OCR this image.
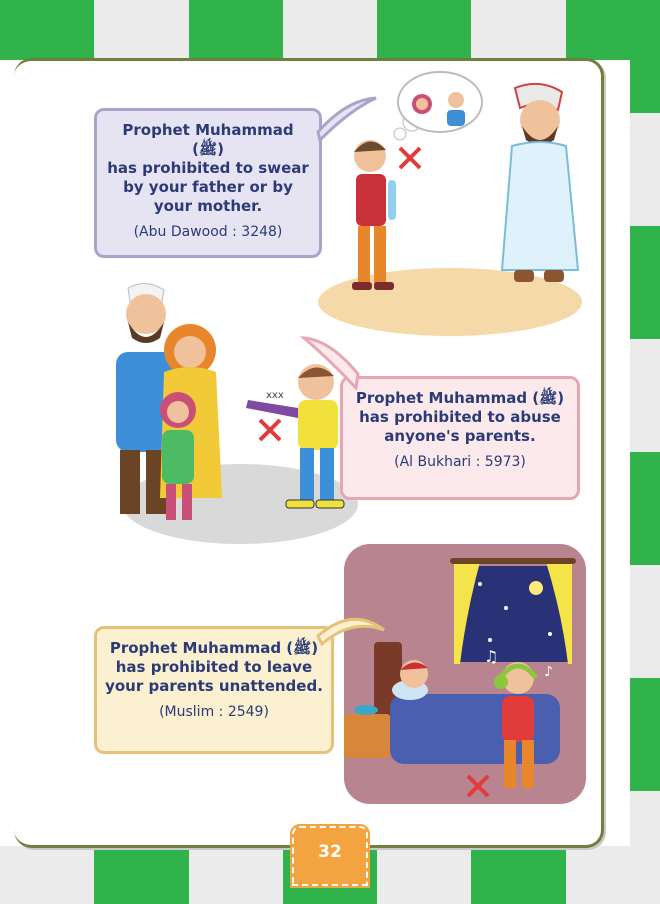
Prophet Muhammad (ﷺ)
has prohibited to swear
by your father or by
your mother.
(Abu Dawood : 3248)
xxx	Prophet Muhammad (ﷺ)
has prohibited to abuse
anyone's parents.
(Al Bukhari : 5973)
♫
♪
Prophet Muhammad (ﷺ)
has prohibited to leave
your parents unattended.
(Muslim : 2549)
32
